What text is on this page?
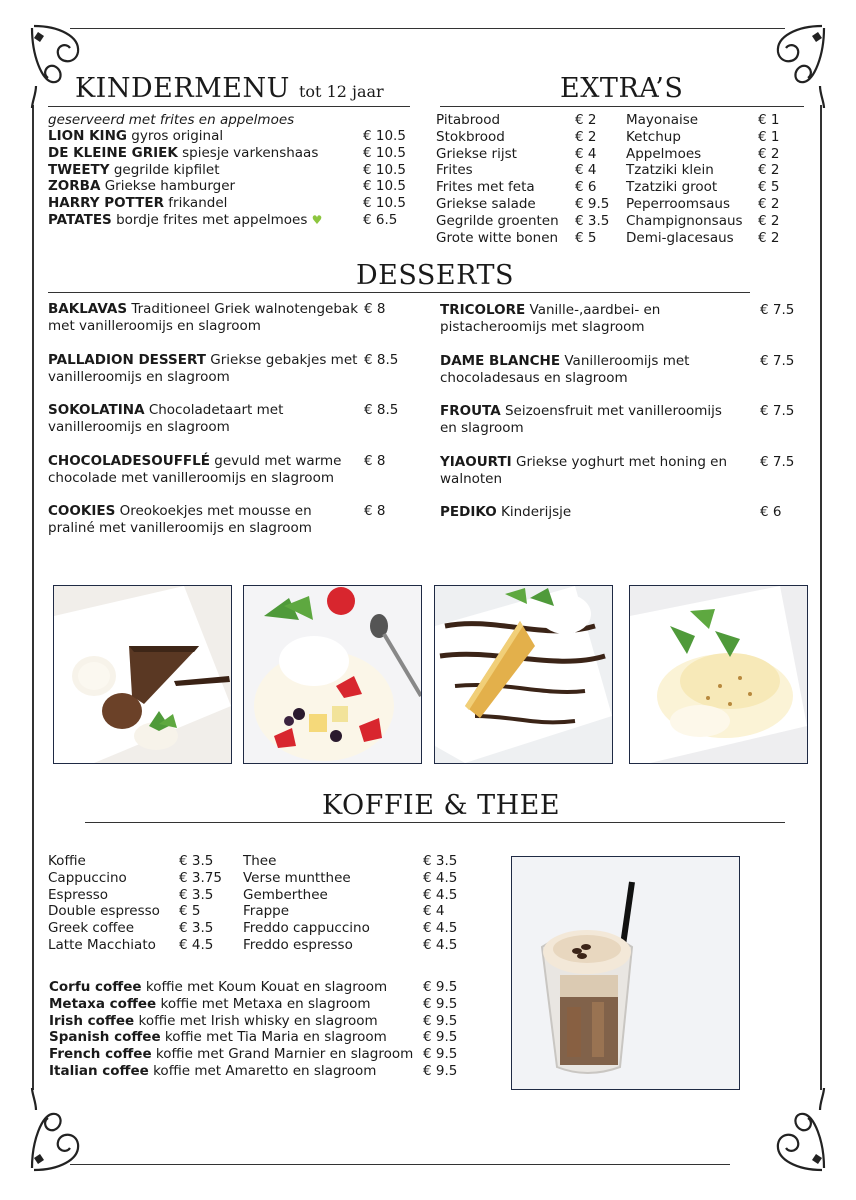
KINDERMENU tot 12 jaar
geserveerd met frites en appelmoes
LION KING gyros original	€ 10.5
DE KLEINE GRIEK spiesje varkenshaas	€ 10.5
TWEETY gegrilde kipfilet	€ 10.5
ZORBA Griekse hamburger	€ 10.5
HARRY POTTER frikandel	€ 10.5
PATATES bordje frites met appelmoes ♥	€ 6.5
EXTRA’S
Pitabrood	€ 2
Stokbrood	€ 2
Griekse rijst	€ 4
Frites	€ 4
Frites met feta	€ 6
Griekse salade	€ 9.5
Gegrilde groenten € 3.5
Grote witte bonen € 5
Mayonaise	€ 1
Ketchup	€ 1
Appelmoes	€ 2
Tzatziki klein	€ 2
Tzatziki groot	€ 5
Peperroomsaus € 2
Champignonsaus € 2
Demi-glacesaus € 2
DESSERTS
BAKLAVAS Traditioneel Griek walnotengebak met vanilleroomijs en slagroom
€ 8
PALLADION DESSERT Griekse gebakjes met vanilleroomijs en slagroom
€ 8.5
SOKOLATINA Chocoladetaart met vanilleroomijs en slagroom
€ 8.5
CHOCOLADESOUFFLÉ gevuld met warme chocolade met vanilleroomijs en slagroom
€ 8
COOKIES Oreokoekjes met mousse en praliné met vanilleroomijs en slagroom
€ 8
TRICOLORE Vanille-,aardbei- en pistacheroomijs met slagroom
€ 7.5
DAME BLANCHE Vanilleroomijs met chocoladesaus en slagroom
€ 7.5
FROUTA Seizoensfruit met vanilleroomijs en slagroom
€ 7.5
YIAOURTI Griekse yoghurt met honing en walnoten
€ 7.5
PEDIKO Kinderijsje	€ 6
KOFFIE & THEE
Koffie	€ 3.5
Cappuccino	€ 3.75
Espresso	€ 3.5
Double espresso € 5
Greek coffee	€ 3.5
Latte Macchiato € 4.5
Thee	€ 3.5
Verse muntthee	€ 4.5
Gemberthee	€ 4.5
Frappe	€ 4
Freddo cappuccino	€ 4.5
Freddo espresso	€ 4.5
Corfu coffee koffie met Koum Kouat en slagroom	€ 9.5
Metaxa coffee koffie met Metaxa en slagroom	€ 9.5
Irish coffee koffie met Irish whisky en slagroom	€ 9.5
Spanish coffee koffie met Tia Maria en slagroom	€ 9.5
French coffee koffie met Grand Marnier en slagroom € 9.5
Italian coffee koffie met Amaretto en slagroom	€ 9.5
